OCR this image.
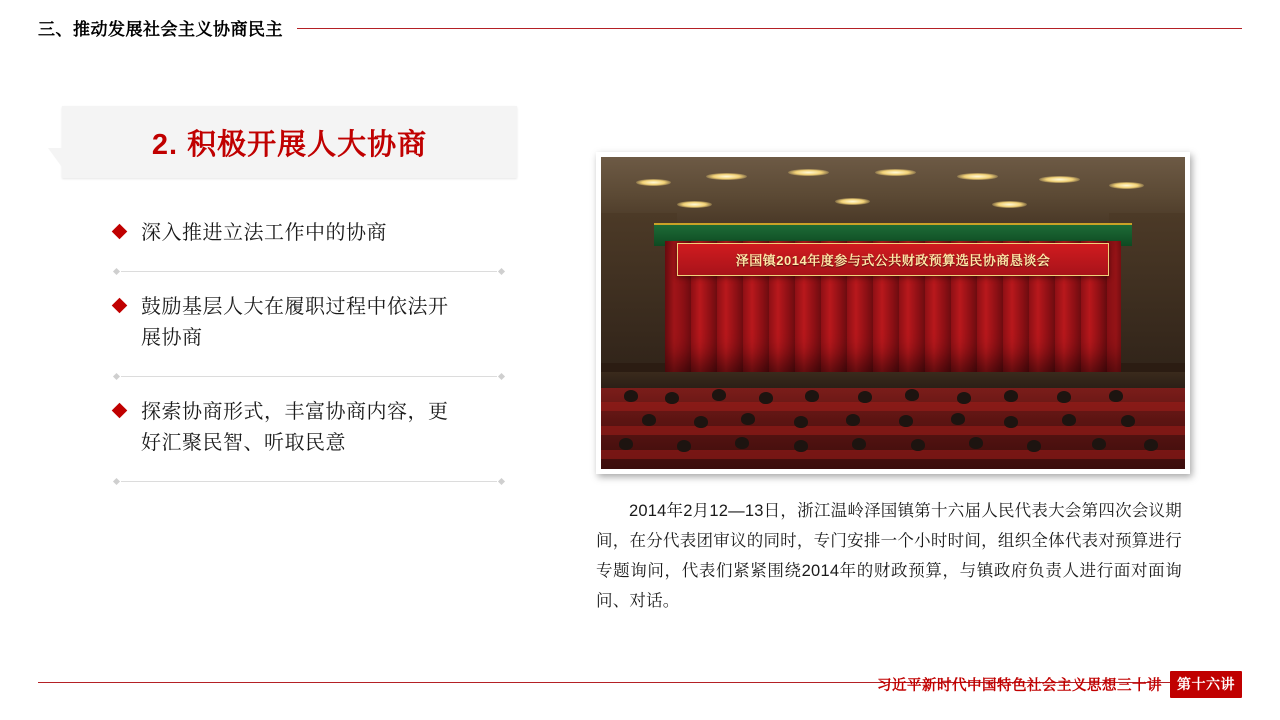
三、推动发展社会主义协商民主
2. 积极开展人大协商
深入推进立法工作中的协商
鼓励基层人大在履职过程中依法开展协商
探索协商形式，丰富协商内容，更好汇聚民智、听取民意
泽国镇2014年度参与式公共财政预算选民协商恳谈会
2014年2月12—13日，浙江温岭泽国镇第十六届人民代表大会第四次会议期间，在分代表团审议的同时，专门安排一个小时时间，组织全体代表对预算进行专题询问，代表们紧紧围绕2014年的财政预算，与镇政府负责人进行面对面询问、对话。
习近平新时代中国特色社会主义思想三十讲	第十六讲
